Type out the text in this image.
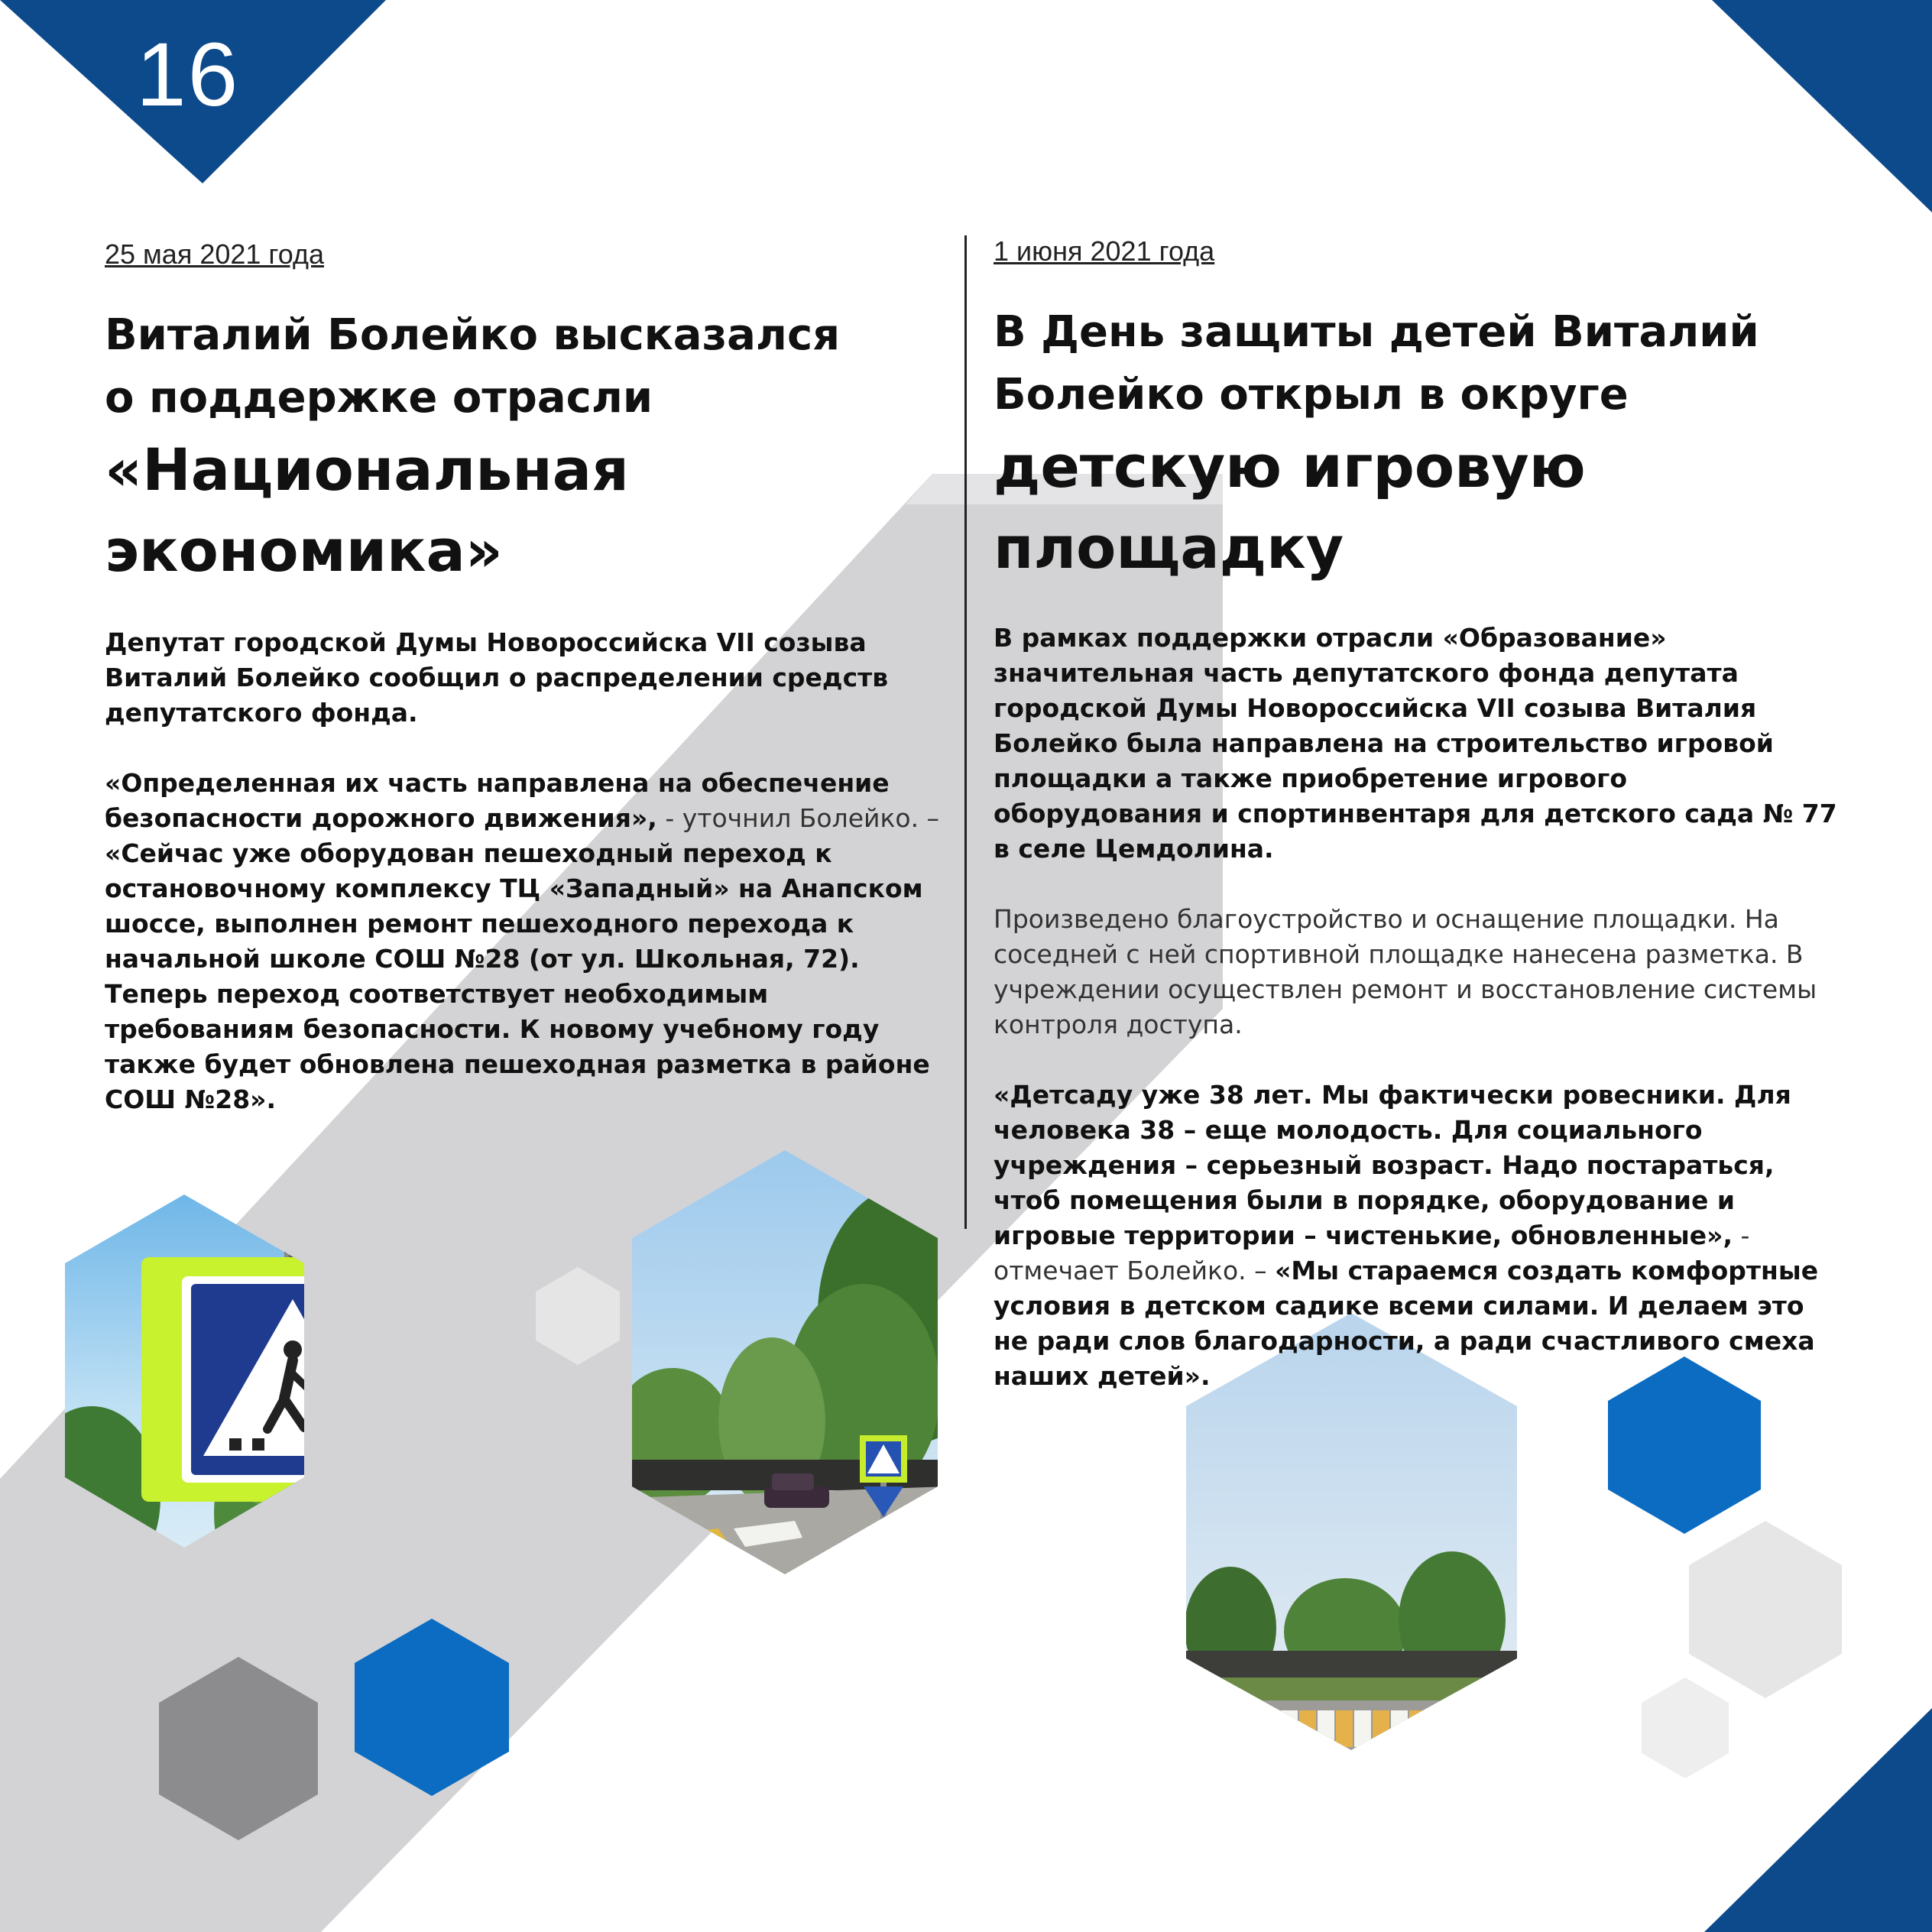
16
25 мая 2021 года
Виталий Болейко высказался
о поддержке отрасли
«Национальная
экономика»

Депутат городской Думы Новороссийска VII созыва Виталий Болейко сообщил о распределении средств депутатского фонда.

«Определенная их часть направлена на обеспечение безопасности дорожного движения», - уточнил Болейко. – «Сейчас уже оборудован пешеходный переход к остановочному комплексу ТЦ «Западный» на Анапском шоссе, выполнен ремонт пешеходного перехода к начальной школе СОШ №28 (от ул. Школьная, 72). Теперь переход соответствует необходимым требованиям безопасности. К новому учебному году также будет обновлена пешеходная разметка в районе СОШ №28».

1 июня 2021 года
В День защиты детей Виталий
Болейко открыл в округе
детскую игровую
площадку

В рамках поддержки отрасли «Образование» значительная часть депутатского фонда депутата городской Думы Новороссийска VII созыва Виталия Болейко была направлена на строительство игровой площадки а также приобретение игрового оборудования и спортинвентаря для детского сада № 77 в селе Цемдолина.

Произведено благоустройство и оснащение площадки. На соседней с ней спортивной площадке нанесена разметка. В учреждении осуществлен ремонт и восстановление системы контроля доступа.

«Детсаду уже 38 лет. Мы фактически ровесники. Для человека 38 – еще молодость. Для социального учреждения – серьезный возраст. Надо постараться, чтоб помещения были в порядке, оборудование и игровые территории – чистенькие, обновленные», - отмечает Болейко. – «Мы стараемся создать комфортные условия в детском садике всеми силами. И делаем это не ради слов благодарности, а ради счастливого смеха наших детей».
